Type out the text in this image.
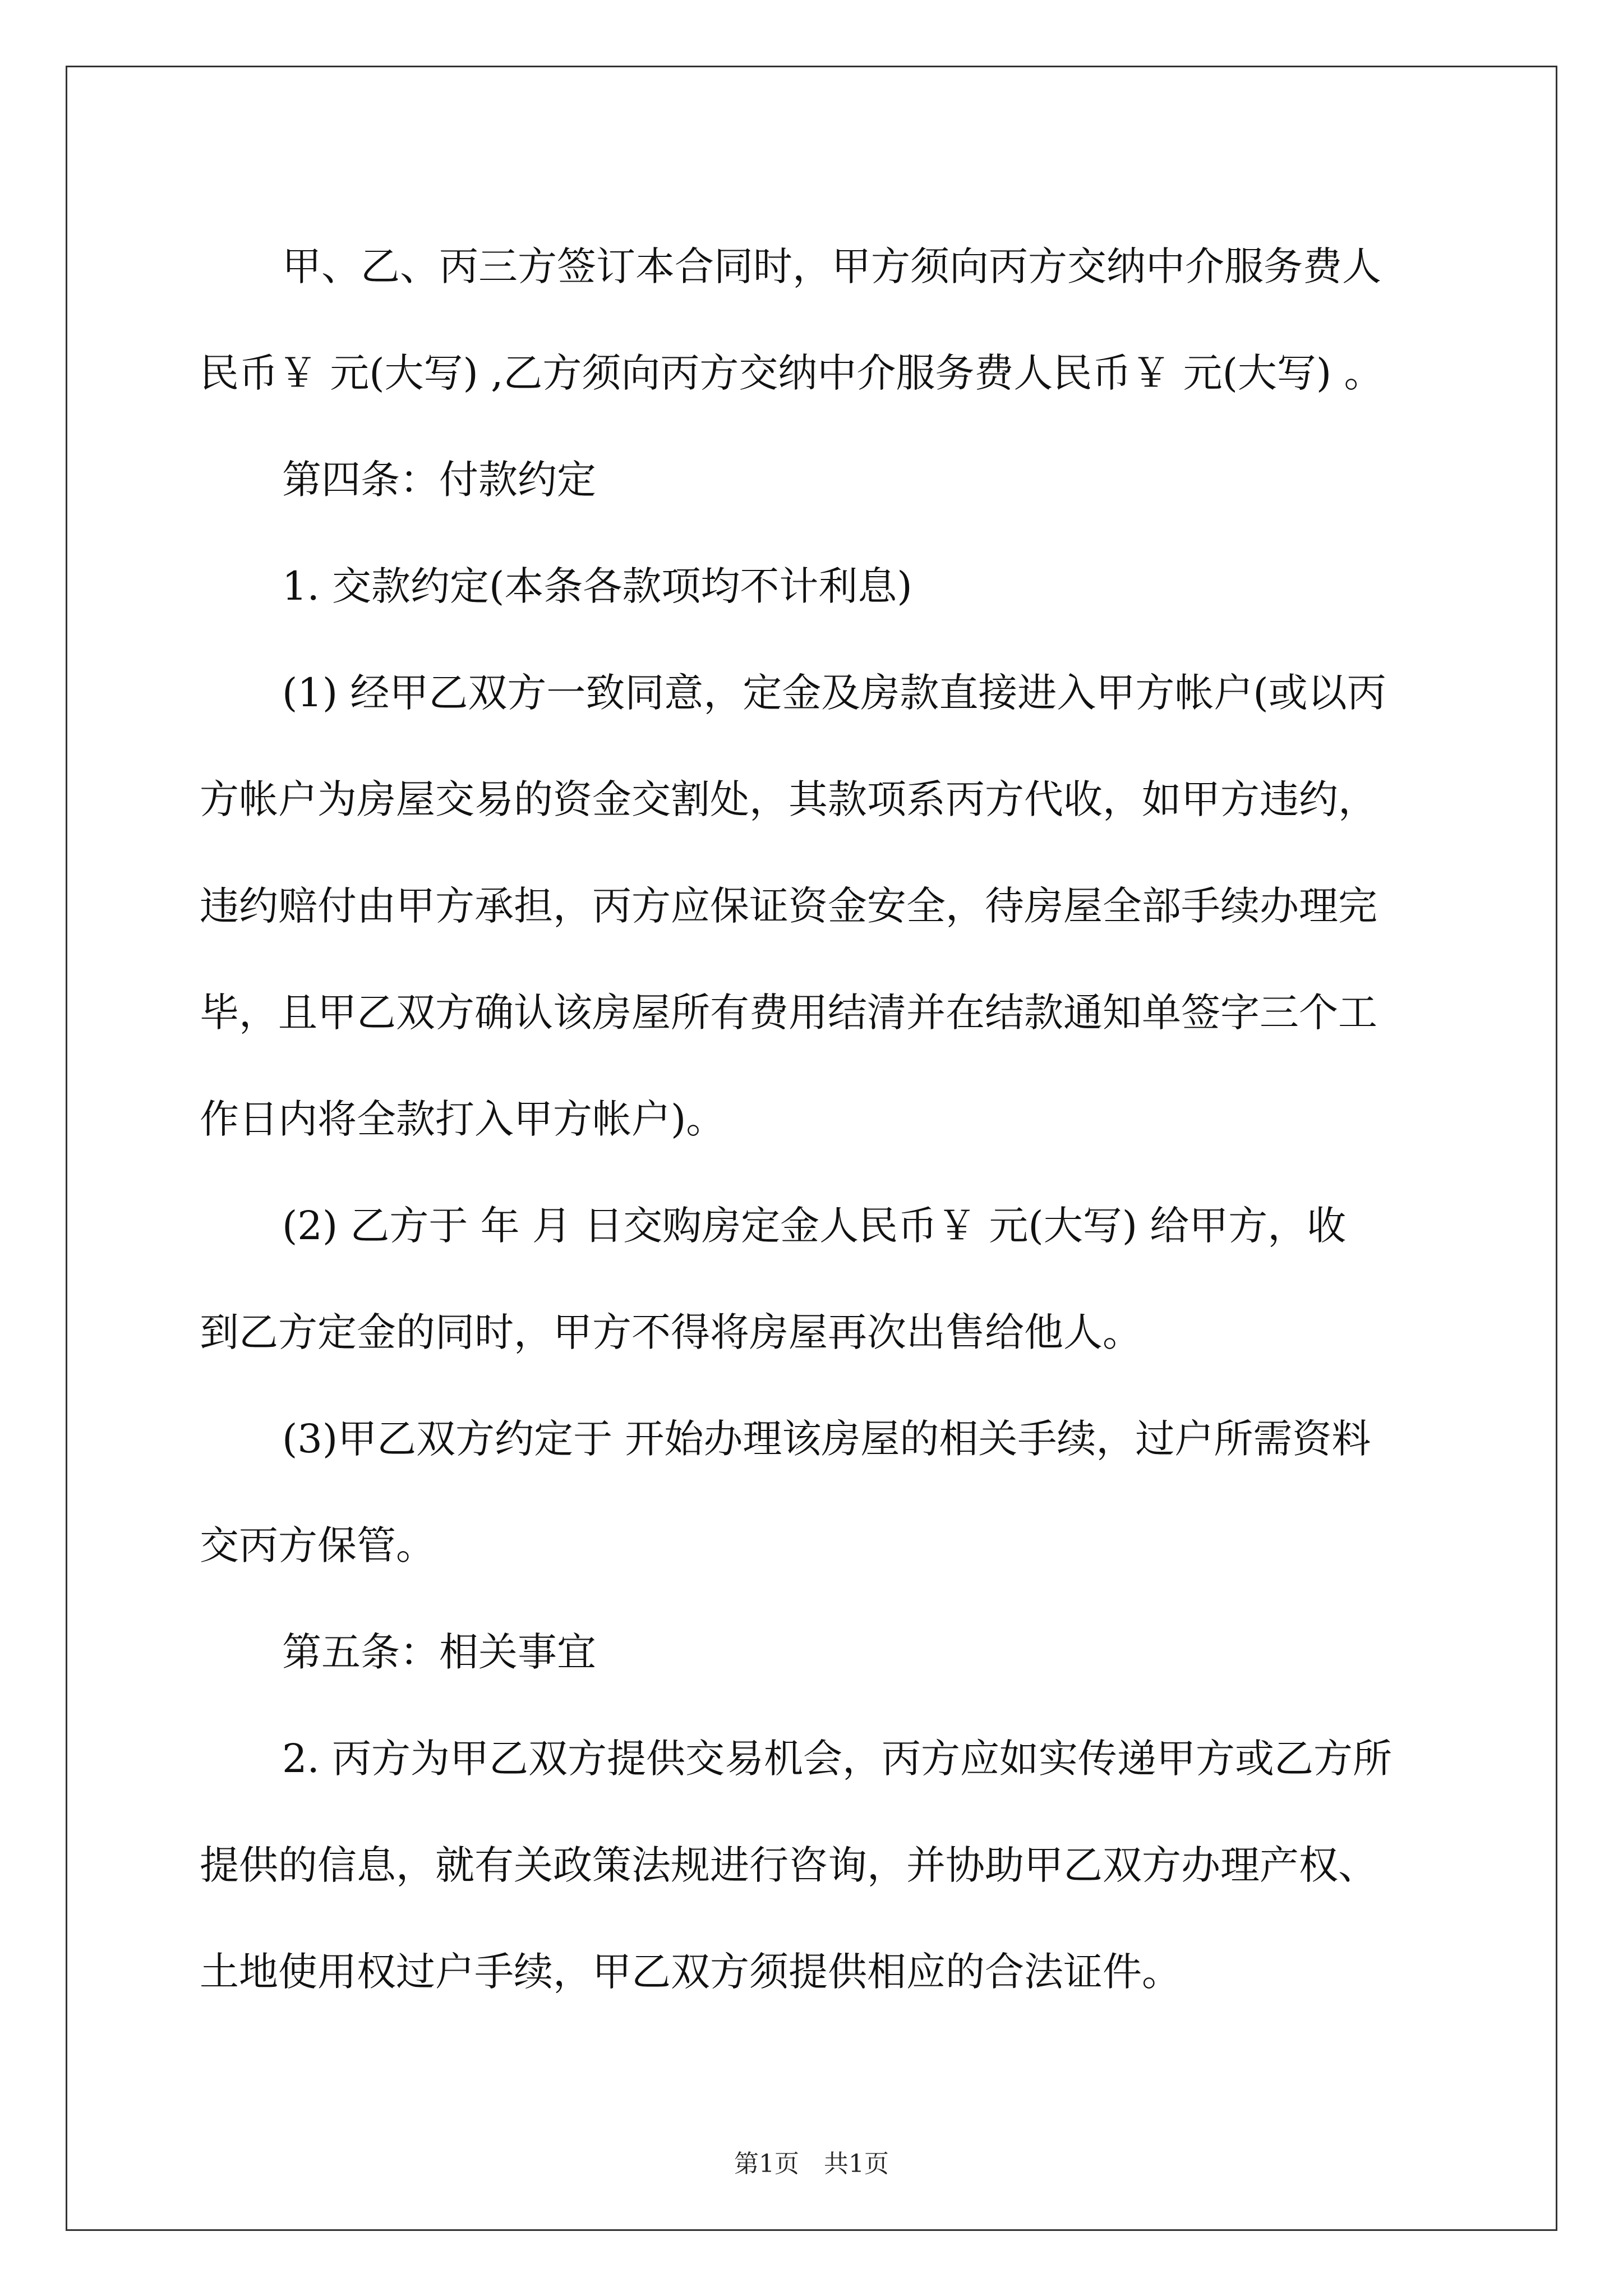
甲、乙、丙三方签订本合同时，甲方须向丙方交纳中介服务费人

民币￥ 元(大写) ,乙方须向丙方交纳中介服务费人民币￥ 元(大写) 。

第四条：付款约定

1. 交款约定(本条各款项均不计利息)

(1) 经甲乙双方一致同意，定金及房款直接进入甲方帐户(或以丙

方帐户为房屋交易的资金交割处，其款项系丙方代收，如甲方违约，

违约赔付由甲方承担，丙方应保证资金安全，待房屋全部手续办理完

毕，且甲乙双方确认该房屋所有费用结清并在结款通知单签字三个工

作日内将全款打入甲方帐户)。

(2) 乙方于 年 月 日交购房定金人民币￥ 元(大写) 给甲方，收

到乙方定金的同时，甲方不得将房屋再次出售给他人。

(3)甲乙双方约定于 开始办理该房屋的相关手续，过户所需资料

交丙方保管。

第五条：相关事宜

2. 丙方为甲乙双方提供交易机会，丙方应如实传递甲方或乙方所

提供的信息，就有关政策法规进行咨询，并协助甲乙双方办理产权、

土地使用权过户手续，甲乙双方须提供相应的合法证件。

第1页　共1页
